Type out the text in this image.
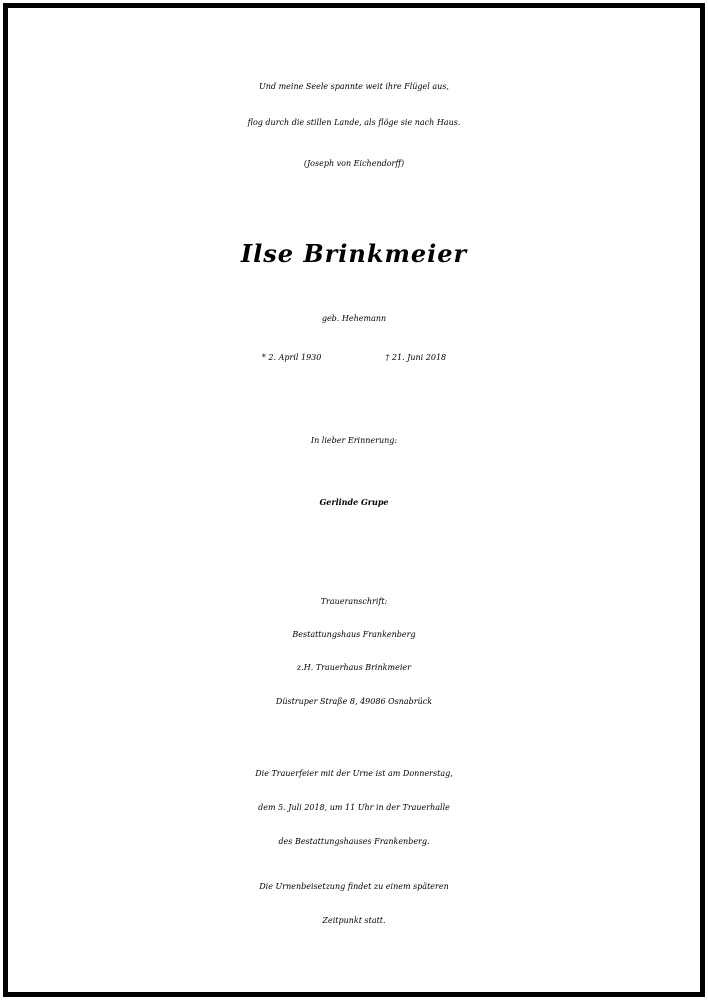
Und meine Seele spannte weit ihre Flügel aus,
flog durch die stillen Lande, als flöge sie nach Haus.
(Joseph von Eichendorff)
Ilse Brinkmeier
geb. Hehemann
* 2. April 1930	† 21. Juni 2018
In lieber Erinnerung:
Gerlinde Grupe
Traueranschrift:
Bestattungshaus Frankenberg
z.H. Trauerhaus Brinkmeier
Düstruper Straße 8, 49086 Osnabrück
Die Trauerfeier mit der Urne ist am Donnerstag,
dem 5. Juli 2018, um 11 Uhr in der Trauerhalle
des Bestattungshauses Frankenberg.
Die Urnenbeisetzung findet zu einem späteren
Zeitpunkt statt.
